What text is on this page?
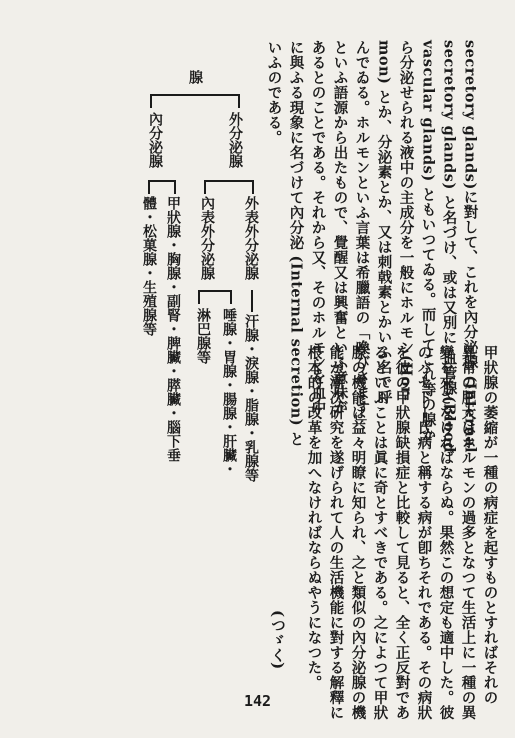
secretory glands)に對して、これを內分泌腺 (Internal
secretory glands) と名づけ、或は又別に 血管腺(Blood
vascular glands) ともいつてゐる。而してこれ等の腺か
ら分泌せられる液中の主成分を一般にホルモン(Hor-
mon) とか、分泌素とか、又は刺戟素とかいふ名で呼
んでゐる。ホルモンといふ言葉は希臘語の「喚びさます」
といふ語源から出たもので、覺醒又は興奮といふ意味が
あるとのことである。それから又、そのホルモンを血中
に與ふる現象に名づけて內分泌 (Internal secretion) と
いふのである。
腺
外分泌腺
外表外分泌腺
汗腺・淚腺・脂腺・乳腺等
內表外分泌腺
唾腺・胃腺・腸腺・肝臟・
淋巴腺等
內分泌腺
甲狀腺・胸腺・副腎・脾臟・膵臟・腦下垂
體・松菓腺・生殖腺等
甲狀腺の萎縮が一種の病症を起すものとすればそれの
異常の肥大はホルモンの過多となつて生活上に一種の異
變を來さなければならぬ。果然この想定も適中した。彼
のバセドー氏病と稱する病が卽ちそれである。その病狀
を彼の甲狀腺缺損症と比較して見ると、全く正反對であ
るといふことは眞に奇とすべきである。之によつて甲狀
腺の機能は益々明瞭に知られ、之と類似の內分泌腺の機
能が漸次研究を遂げられて人の生活機能に對する解釋に
根本的の改革を加へなければならぬやうになつた。
(つゞく)
142
